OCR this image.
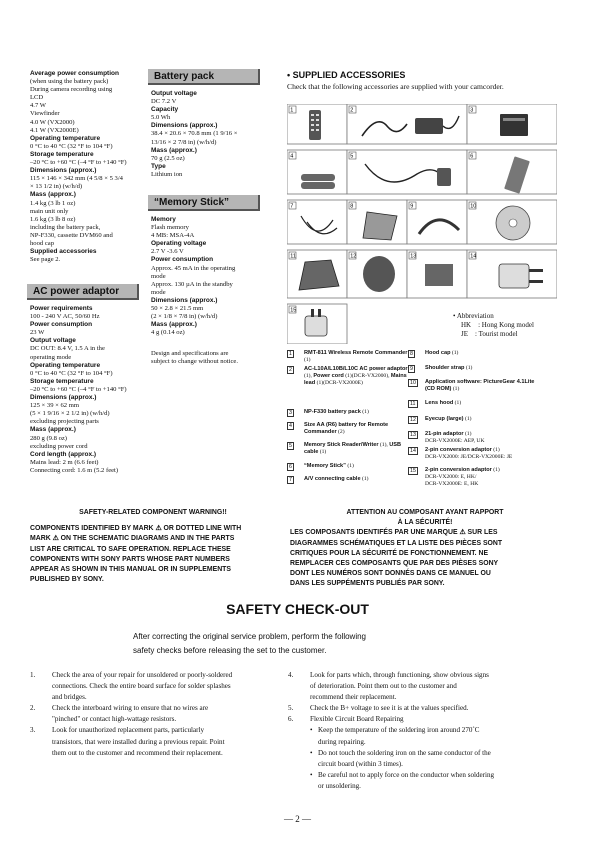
Average power consumption
(when using the battery pack)
During camera recording using
LCD
4.7 W
Viewfinder
4.0 W (VX2000)
4.1 W (VX2000E)
Operating temperature
0 °C to 40 °C (32 °F to 104 °F)
Storage temperature
–20 °C to +60 °C (–4 °F to +140 °F)
Dimensions (approx.)
115 × 146 × 342 mm (4 5/8 × 5 3/4
× 13 1/2 in) (w/h/d)
Mass (approx.)
1.4 kg (3 lb 1 oz)
main unit only
1.6 kg (3 lb 8 oz)
including the battery pack,
NP-F330, cassette DVM60 and
hood cap
Supplied accessories
See page 2.
AC power adaptor
Power requirements
100 - 240 V AC, 50/60 Hz
Power consumption
23 W
Output voltage
DC OUT: 8.4 V, 1.5 A in the
operating mode
Operating temperature
0 °C to 40 °C (32 °F to 104 °F)
Storage temperature
–20 °C to +60 °C (–4 °F to +140 °F)
Dimensions (approx.)
125 × 39 × 62 mm
(5 × 1 9/16 × 2 1/2 in) (w/h/d)
excluding projecting parts
Mass (approx.)
280 g (9.8 oz)
excluding power cord
Cord length (approx.)
Mains lead: 2 m (6.6 feet)
Connecting cord: 1.6 m (5.2 feet)
Battery pack
Output voltage
DC 7.2 V
Capacity
5.0 Wh
Dimensions (approx.)
38.4 × 20.6 × 70.8 mm (1 9/16 ×
13/16 × 2 7/8 in) (w/h/d)
Mass (approx.)
70 g (2.5 oz)
Type
Lithium ion
“Memory Stick”
Memory
Flash memory
4 MB: MSA-4A
Operating voltage
2.7 V -3.6 V
Power consumption
Approx. 45 mA in the operating
mode
Approx. 130 µA in the standby
mode
Dimensions (approx.)
50 × 2.8 × 21.5 mm
(2 × 1/8 × 7/8 in) (w/h/d)
Mass (approx.)
4 g (0.14 oz)
Design and specifications are
subject to change without notice.
• SUPPLIED ACCESSORIES
Check that the following accessories are supplied with your camcorder.
1	2	3
4	5	6
7	8	9	10
11	12	13	14
15
• Abbreviation
HK    : Hong Kong model
JE    : Tourist model
1	RMT-811 Wireless Remote Commander (1)
2	AC-L10A/L10B/L10C AC power adaptor (1), Power cord (1)(DCR-VX2000), Mains lead (1)(DCR-VX2000E)
3	NP-F330 battery pack (1)
4	Size AA (R6) battery for Remote Commander (2)
5	Memory Stick Reader/Writer (1), USB cable (1)
6	“Memory Stick” (1)
7	A/V connecting cable (1)
8	Hood cap (1)
9	Shoulder strap (1)
10	Application software: PictureGear 4.1Lite (CD ROM) (1)
11	Lens hood (1)
12	Eyecup (large) (1)
13	21-pin adaptor (1)
DCR-VX2000E: AEP, UK
14	2-pin conversion adaptor (1)
DCR-VX2000: JE/DCR-VX2000E: JE
15	2-pin conversion adaptor (1)
DCR-VX2000: E, HK/
DCR-VX2000E: E, HK
SAFETY-RELATED COMPONENT WARNING!!
COMPONENTS IDENTIFIED BY MARK ⚠ OR DOTTED LINE WITH
MARK ⚠ ON THE SCHEMATIC DIAGRAMS AND IN THE PARTS
LIST ARE CRITICAL TO SAFE OPERATION. REPLACE THESE
COMPONENTS WITH SONY PARTS WHOSE PART NUMBERS
APPEAR AS SHOWN IN THIS MANUAL OR IN SUPPLEMENTS
PUBLISHED BY SONY.
ATTENTION AU COMPOSANT AYANT RAPPORT
À LA SÉCURITÉ!
LES COMPOSANTS IDENTIFÉS PAR UNE MARQUE ⚠ SUR LES
DIAGRAMMES SCHÉMATIQUES ET LA LISTE DES PIÈCES SONT
CRITIQUES POUR LA SÉCURITÉ DE FONCTIONNEMENT. NE
REMPLACER CES COMPOSANTS QUE PAR DES PIÈSES SONY
DONT LES NUMÉROS SONT DONNÉS DANS CE MANUEL OU
DANS LES SUPPÉMENTS PUBLIÉS PAR SONY.
SAFETY CHECK-OUT
After correcting the original service problem, perform the following
safety checks before releasing the set to the customer.
1. Check the area of your repair for unsoldered or poorly-soldered
connections. Check the entire board surface for solder splashes
and bridges.
2. Check the interboard wiring to ensure that no wires are
"pinched" or contact high-wattage resistors.
3. Look for unauthorized replacement parts, particularly
transistors, that were installed during a previous repair. Point
them out to the customer and recommend their replacement.
4. Look for parts which, through functioning, show obvious signs
of deterioration. Point them out to the customer and
recommend their replacement.
5. Check the B+ voltage to see it is at the values specified.
6. Flexible Circuit Board Repairing
• Keep the temperature of the soldering iron around 270˚C
during repairing.
• Do not touch the soldering iron on the same conductor of the
circuit board (within 3 times).
• Be careful not to apply force on the conductor when soldering
or unsoldering.
— 2 —
